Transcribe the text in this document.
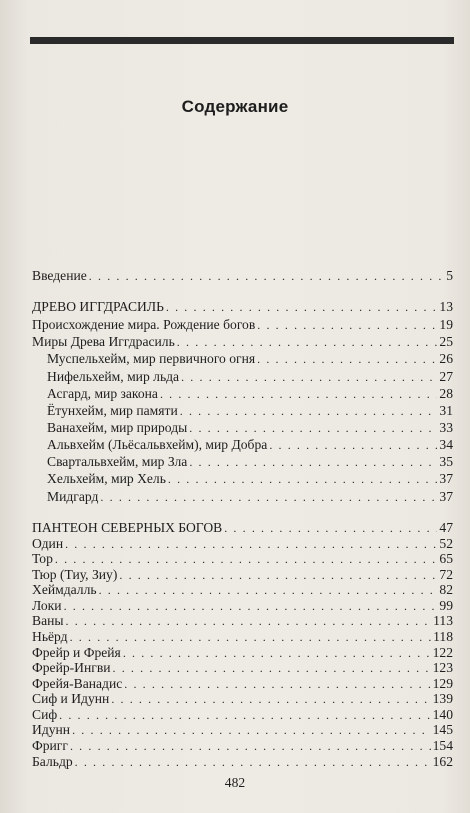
Содержание
Введение . . .	5
ДРЕВО ИГГДРАСИЛЬ . . .	13
Происхождение мира. Рождение богов . . .	19
Миры Древа Иггдрасиль . . .	25
Муспельхейм, мир первичного огня . . .	26
Нифельхейм, мир льда . . .	27
Асгард, мир закона . . .	28
Ётунхейм, мир памяти . . .	31
Ванахейм, мир природы . . .	33
Альвхейм (Льёсальвхейм), мир Добра . . .	34
Свартальвхейм, мир Зла . . .	35
Хельхейм, мир Хель . . .	37
Мидгард . . .	37
ПАНТЕОН СЕВЕРНЫХ БОГОВ . . .	47
Один . . .	52
Тор . . .	65
Тюр (Тиу, Зиу) . . .	72
Хеймдалль . . .	82
Локи . . .	99
Ваны . . .	113
Ньёрд . . .	118
Фрейр и Фрейя . . .	122
Фрейр-Ингви . . .	123
Фрейя-Ванадис . . .	129
Сиф и Идунн . . .	139
Сиф . . .	140
Идунн . . .	145
Фригг . . .	154
Бальдр . . .	162
482
